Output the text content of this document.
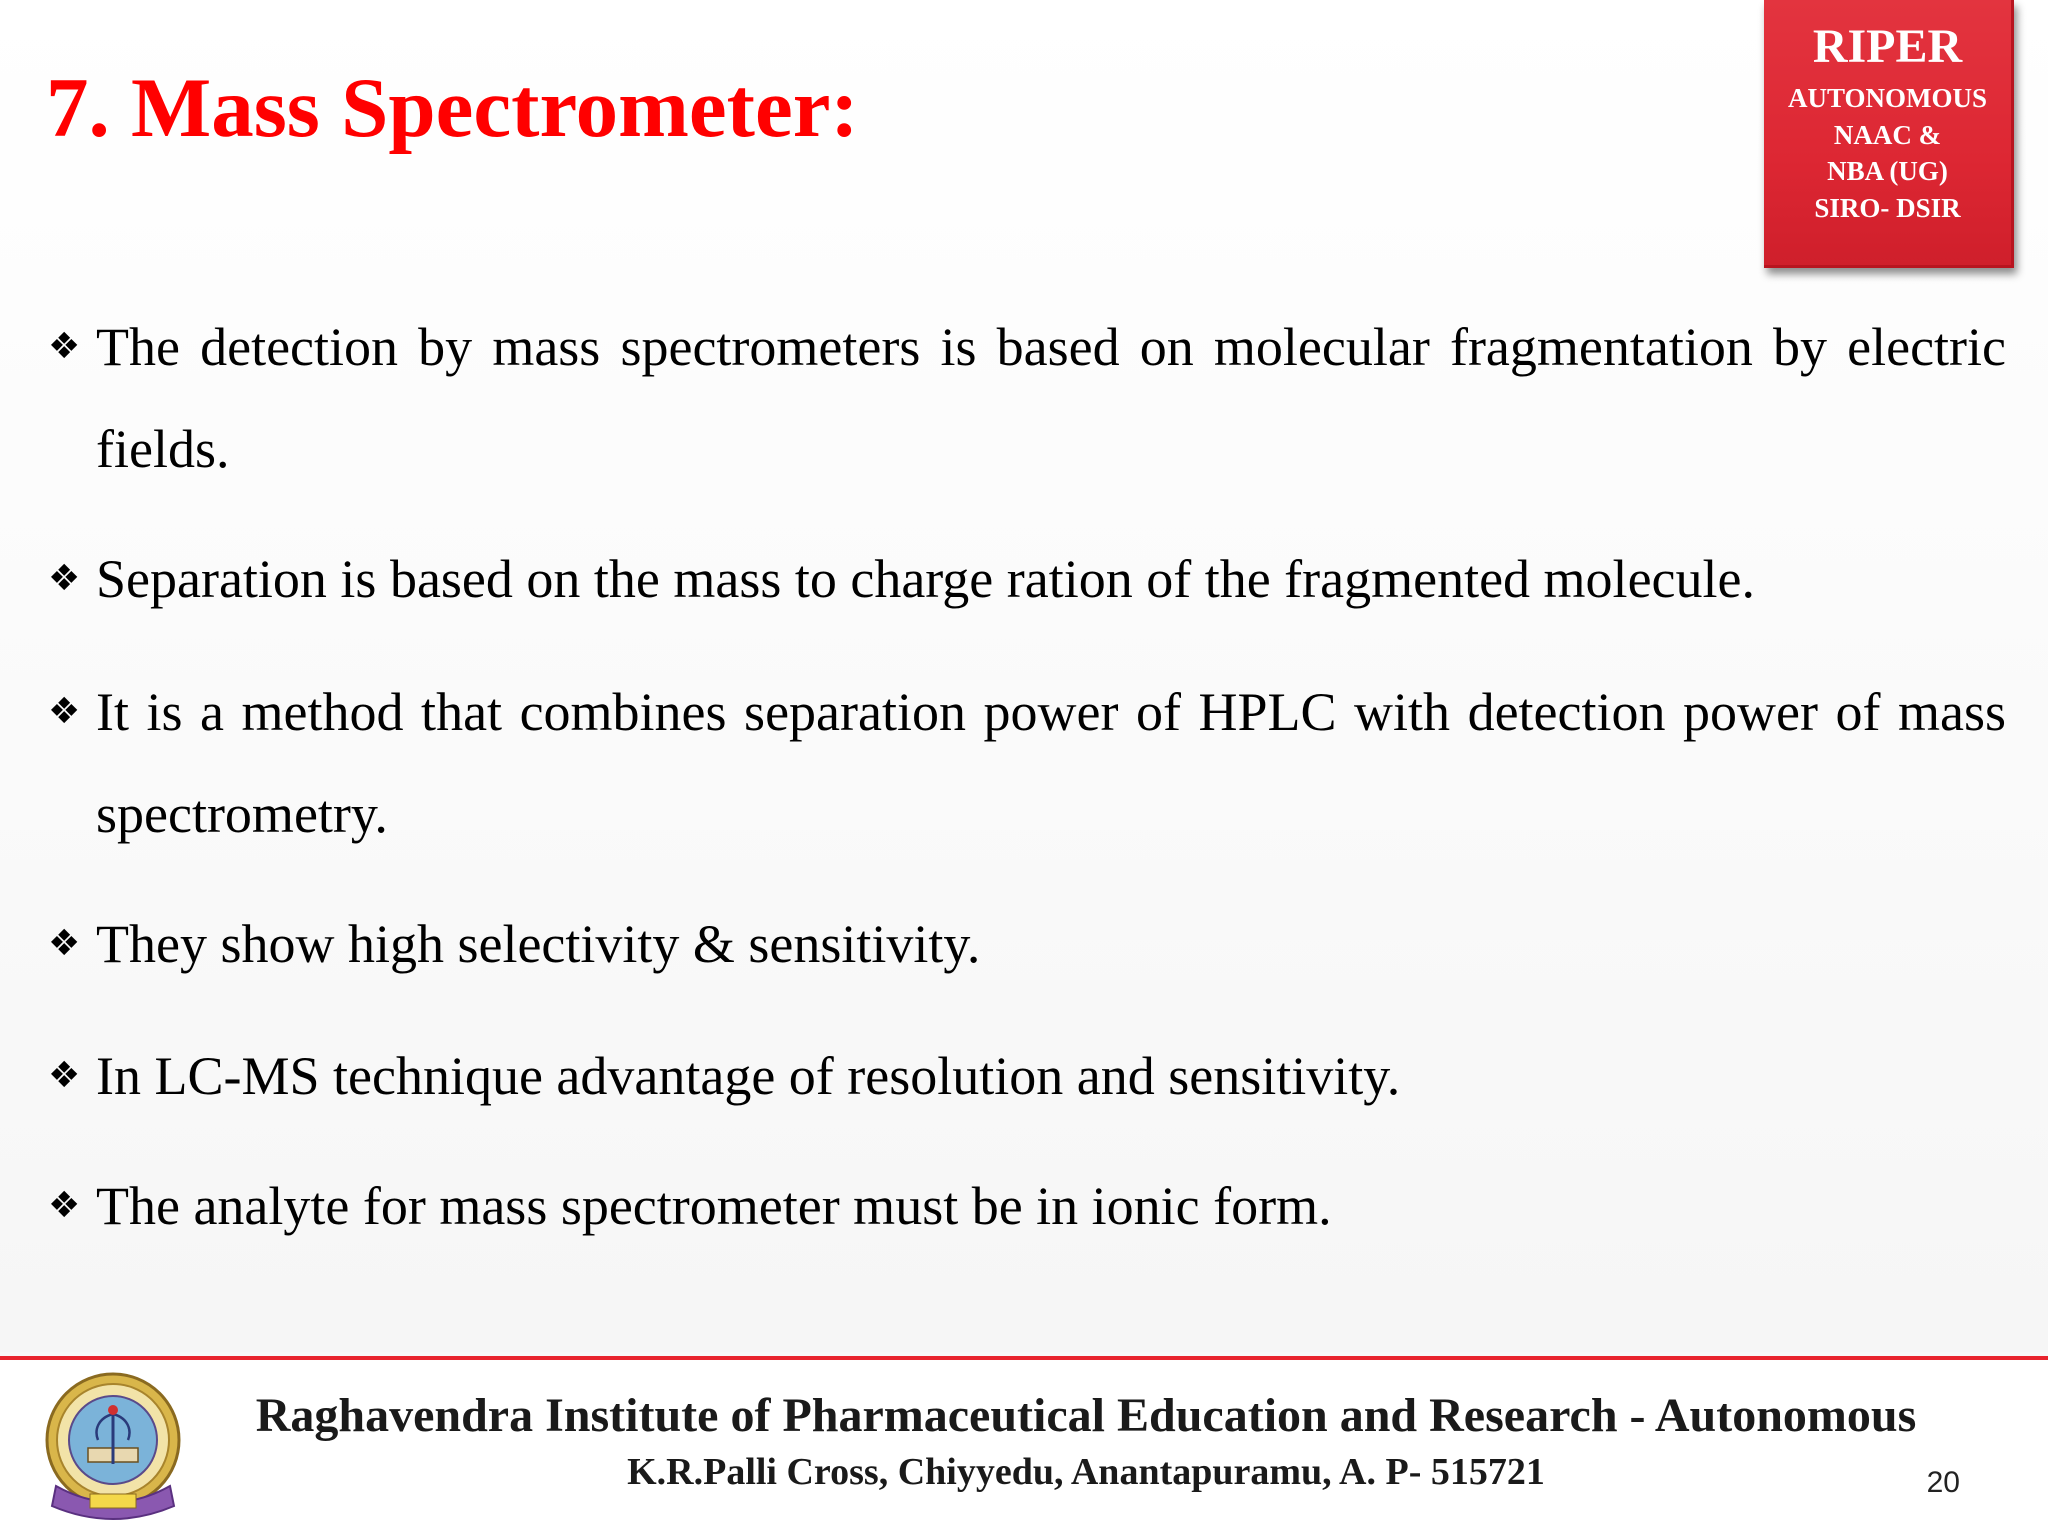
7. Mass Spectrometer:
RIPER
AUTONOMOUS
NAAC &
NBA (UG)
SIRO- DSIR
❖ The detection by mass spectrometers is based on molecular fragmentation by electric fields.
❖ Separation is based on the mass to charge ration of the fragmented molecule.
❖ It is a method that combines separation power of HPLC with detection power of mass spectrometry.
❖ They show high selectivity & sensitivity.
❖ In LC-MS technique advantage of resolution and sensitivity.
❖ The analyte for mass spectrometer must be in ionic form.
Raghavendra Institute of Pharmaceutical Education and Research - Autonomous
K.R.Palli Cross, Chiyyedu, Anantapuramu, A. P- 515721	20
